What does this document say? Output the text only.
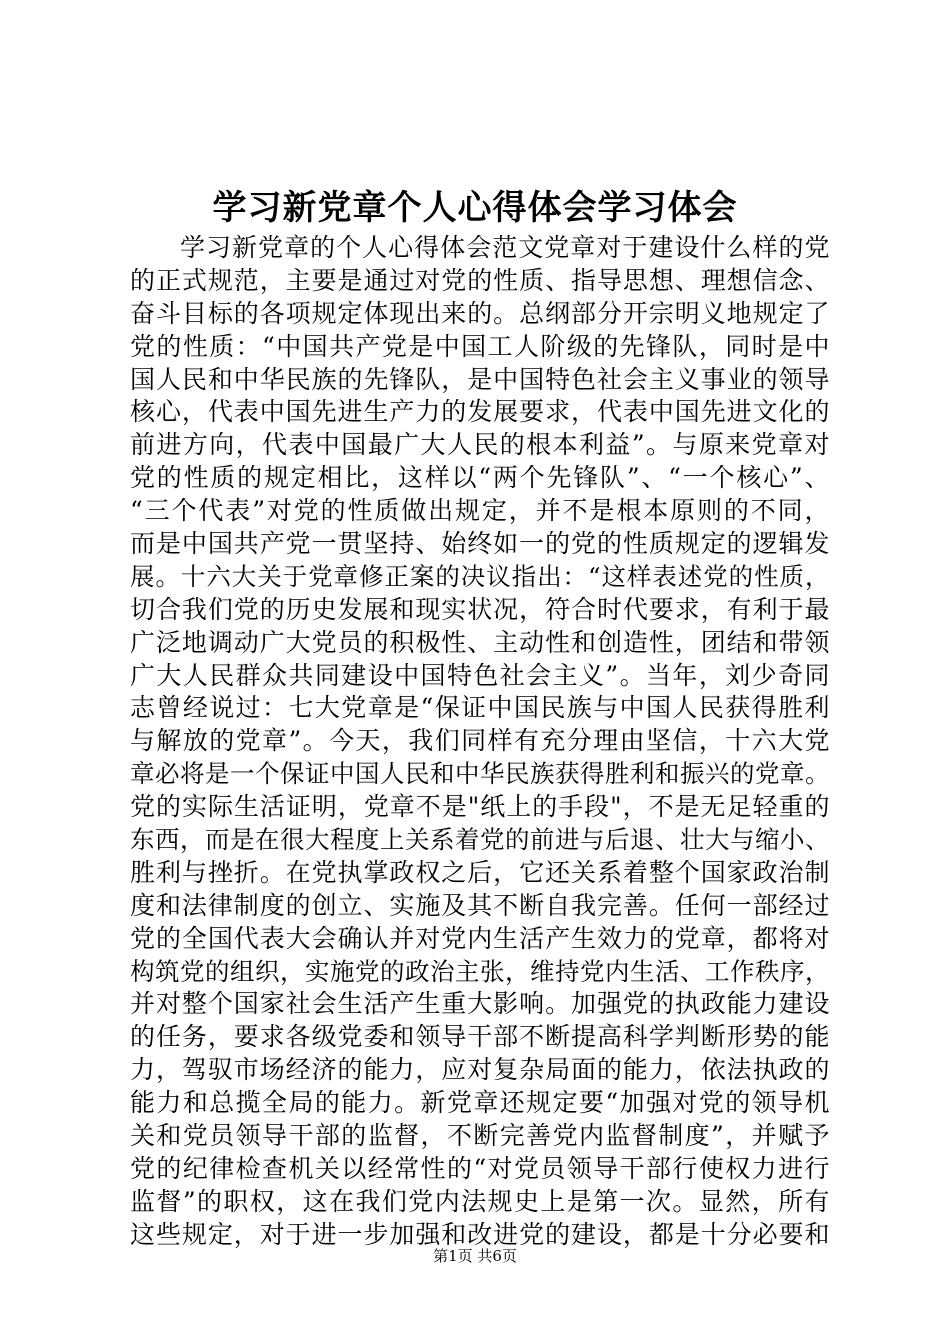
学习新党章个人心得体会学习体会
学习新党章的个人心得体会范文党章对于建设什么样的党
的正式规范，主要是通过对党的性质、指导思想、理想信念、
奋斗目标的各项规定体现出来的。总纲部分开宗明义地规定了
党的性质：“中国共产党是中国工人阶级的先锋队，同时是中
国人民和中华民族的先锋队，是中国特色社会主义事业的领导
核心，代表中国先进生产力的发展要求，代表中国先进文化的
前进方向，代表中国最广大人民的根本利益”。与原来党章对
党的性质的规定相比，这样以“两个先锋队”、“一个核心”、
“三个代表”对党的性质做出规定，并不是根本原则的不同，
而是中国共产党一贯坚持、始终如一的党的性质规定的逻辑发
展。十六大关于党章修正案的决议指出：“这样表述党的性质，
切合我们党的历史发展和现实状况，符合时代要求，有利于最
广泛地调动广大党员的积极性、主动性和创造性，团结和带领
广大人民群众共同建设中国特色社会主义”。当年，刘少奇同
志曾经说过：七大党章是“保证中国民族与中国人民获得胜利
与解放的党章”。今天，我们同样有充分理由坚信，十六大党
章必将是一个保证中国人民和中华民族获得胜利和振兴的党章。
党的实际生活证明，党章不是"纸上的手段"，不是无足轻重的
东西，而是在很大程度上关系着党的前进与后退、壮大与缩小、
胜利与挫折。在党执掌政权之后，它还关系着整个国家政治制
度和法律制度的创立、实施及其不断自我完善。任何一部经过
党的全国代表大会确认并对党内生活产生效力的党章，都将对
构筑党的组织，实施党的政治主张，维持党内生活、工作秩序，
并对整个国家社会生活产生重大影响。加强党的执政能力建设
的任务，要求各级党委和领导干部不断提高科学判断形势的能
力，驾驭市场经济的能力，应对复杂局面的能力，依法执政的
能力和总揽全局的能力。新党章还规定要“加强对党的领导机
关和党员领导干部的监督，不断完善党内监督制度”，并赋予
党的纪律检查机关以经常性的“对党员领导干部行使权力进行
监督”的职权，这在我们党内法规史上是第一次。显然，所有
这些规定，对于进一步加强和改进党的建设，都是十分必要和
第1页 共6页
